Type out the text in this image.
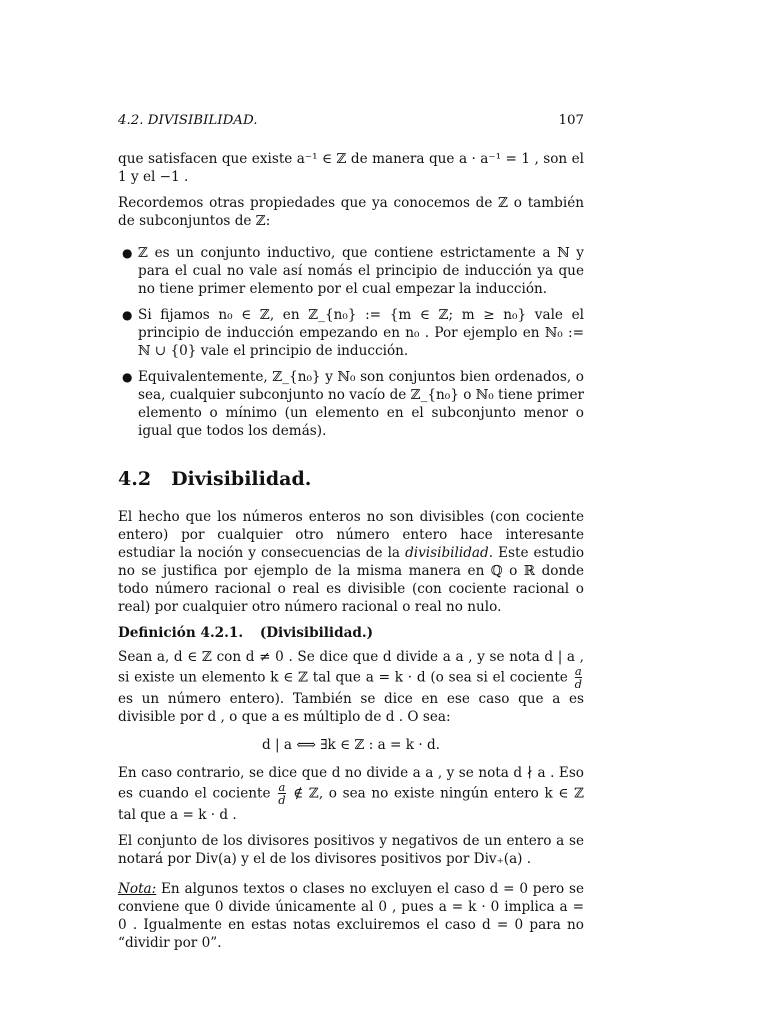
4.2. DIVISIBILIDAD.	107

que satisfacen que existe a⁻¹ ∈ ℤ de manera que a · a⁻¹ = 1 , son el 1 y el −1 .

Recordemos otras propiedades que ya conocemos de ℤ o también de subconjuntos de ℤ:

● ℤ es un conjunto inductivo, que contiene estrictamente a ℕ y para el cual no vale así nomás el principio de inducción ya que no tiene primer elemento por el cual empezar la inducción.
● Si fijamos n₀ ∈ ℤ, en ℤ_{n₀} := {m ∈ ℤ; m ≥ n₀} vale el principio de inducción empezando en n₀ . Por ejemplo en ℕ₀ := ℕ ∪ {0} vale el principio de inducción.
● Equivalentemente, ℤ_{n₀} y ℕ₀ son conjuntos bien ordenados, o sea, cualquier subconjunto no vacío de ℤ_{n₀} o ℕ₀ tiene primer elemento o mínimo (un elemento en el subconjunto menor o igual que todos los demás).
4.2 Divisibilidad.

El hecho que los números enteros no son divisibles (con cociente entero) por cualquier otro número entero hace interesante estudiar la noción y consecuencias de la divisibilidad. Este estudio no se justifica por ejemplo de la misma manera en ℚ o ℝ donde todo número racional o real es divisible (con cociente racional o real) por cualquier otro número racional o real no nulo.

Definición 4.2.1. (Divisibilidad.)

Sean a, d ∈ ℤ con d ≠ 0 . Se dice que d divide a a , y se nota d | a , si existe un elemento k ∈ ℤ tal que a = k · d (o sea si el cociente $\frac{a}{d}$
es un número entero). También se dice en ese caso que a es divisible por d , o que a es múltiplo de d . O sea:

d | a ⟺ ∃k ∈ ℤ : a = k · d.

En caso contrario, se dice que d no divide a a , y se nota d ∤ a . Eso es cuando el cociente $\frac{a}{d}$ ∉ ℤ, o sea no existe ningún entero k ∈ ℤ tal que a = k · d .

El conjunto de los divisores positivos y negativos de un entero a se notará por Div(a) y el de los divisores positivos por Div₊(a) .

Nota: En algunos textos o clases no excluyen el caso d = 0 pero se conviene que 0 divide únicamente al 0 , pues a = k · 0 implica a = 0 . Igualmente en estas notas excluiremos el caso d = 0 para no “dividir por 0”.
